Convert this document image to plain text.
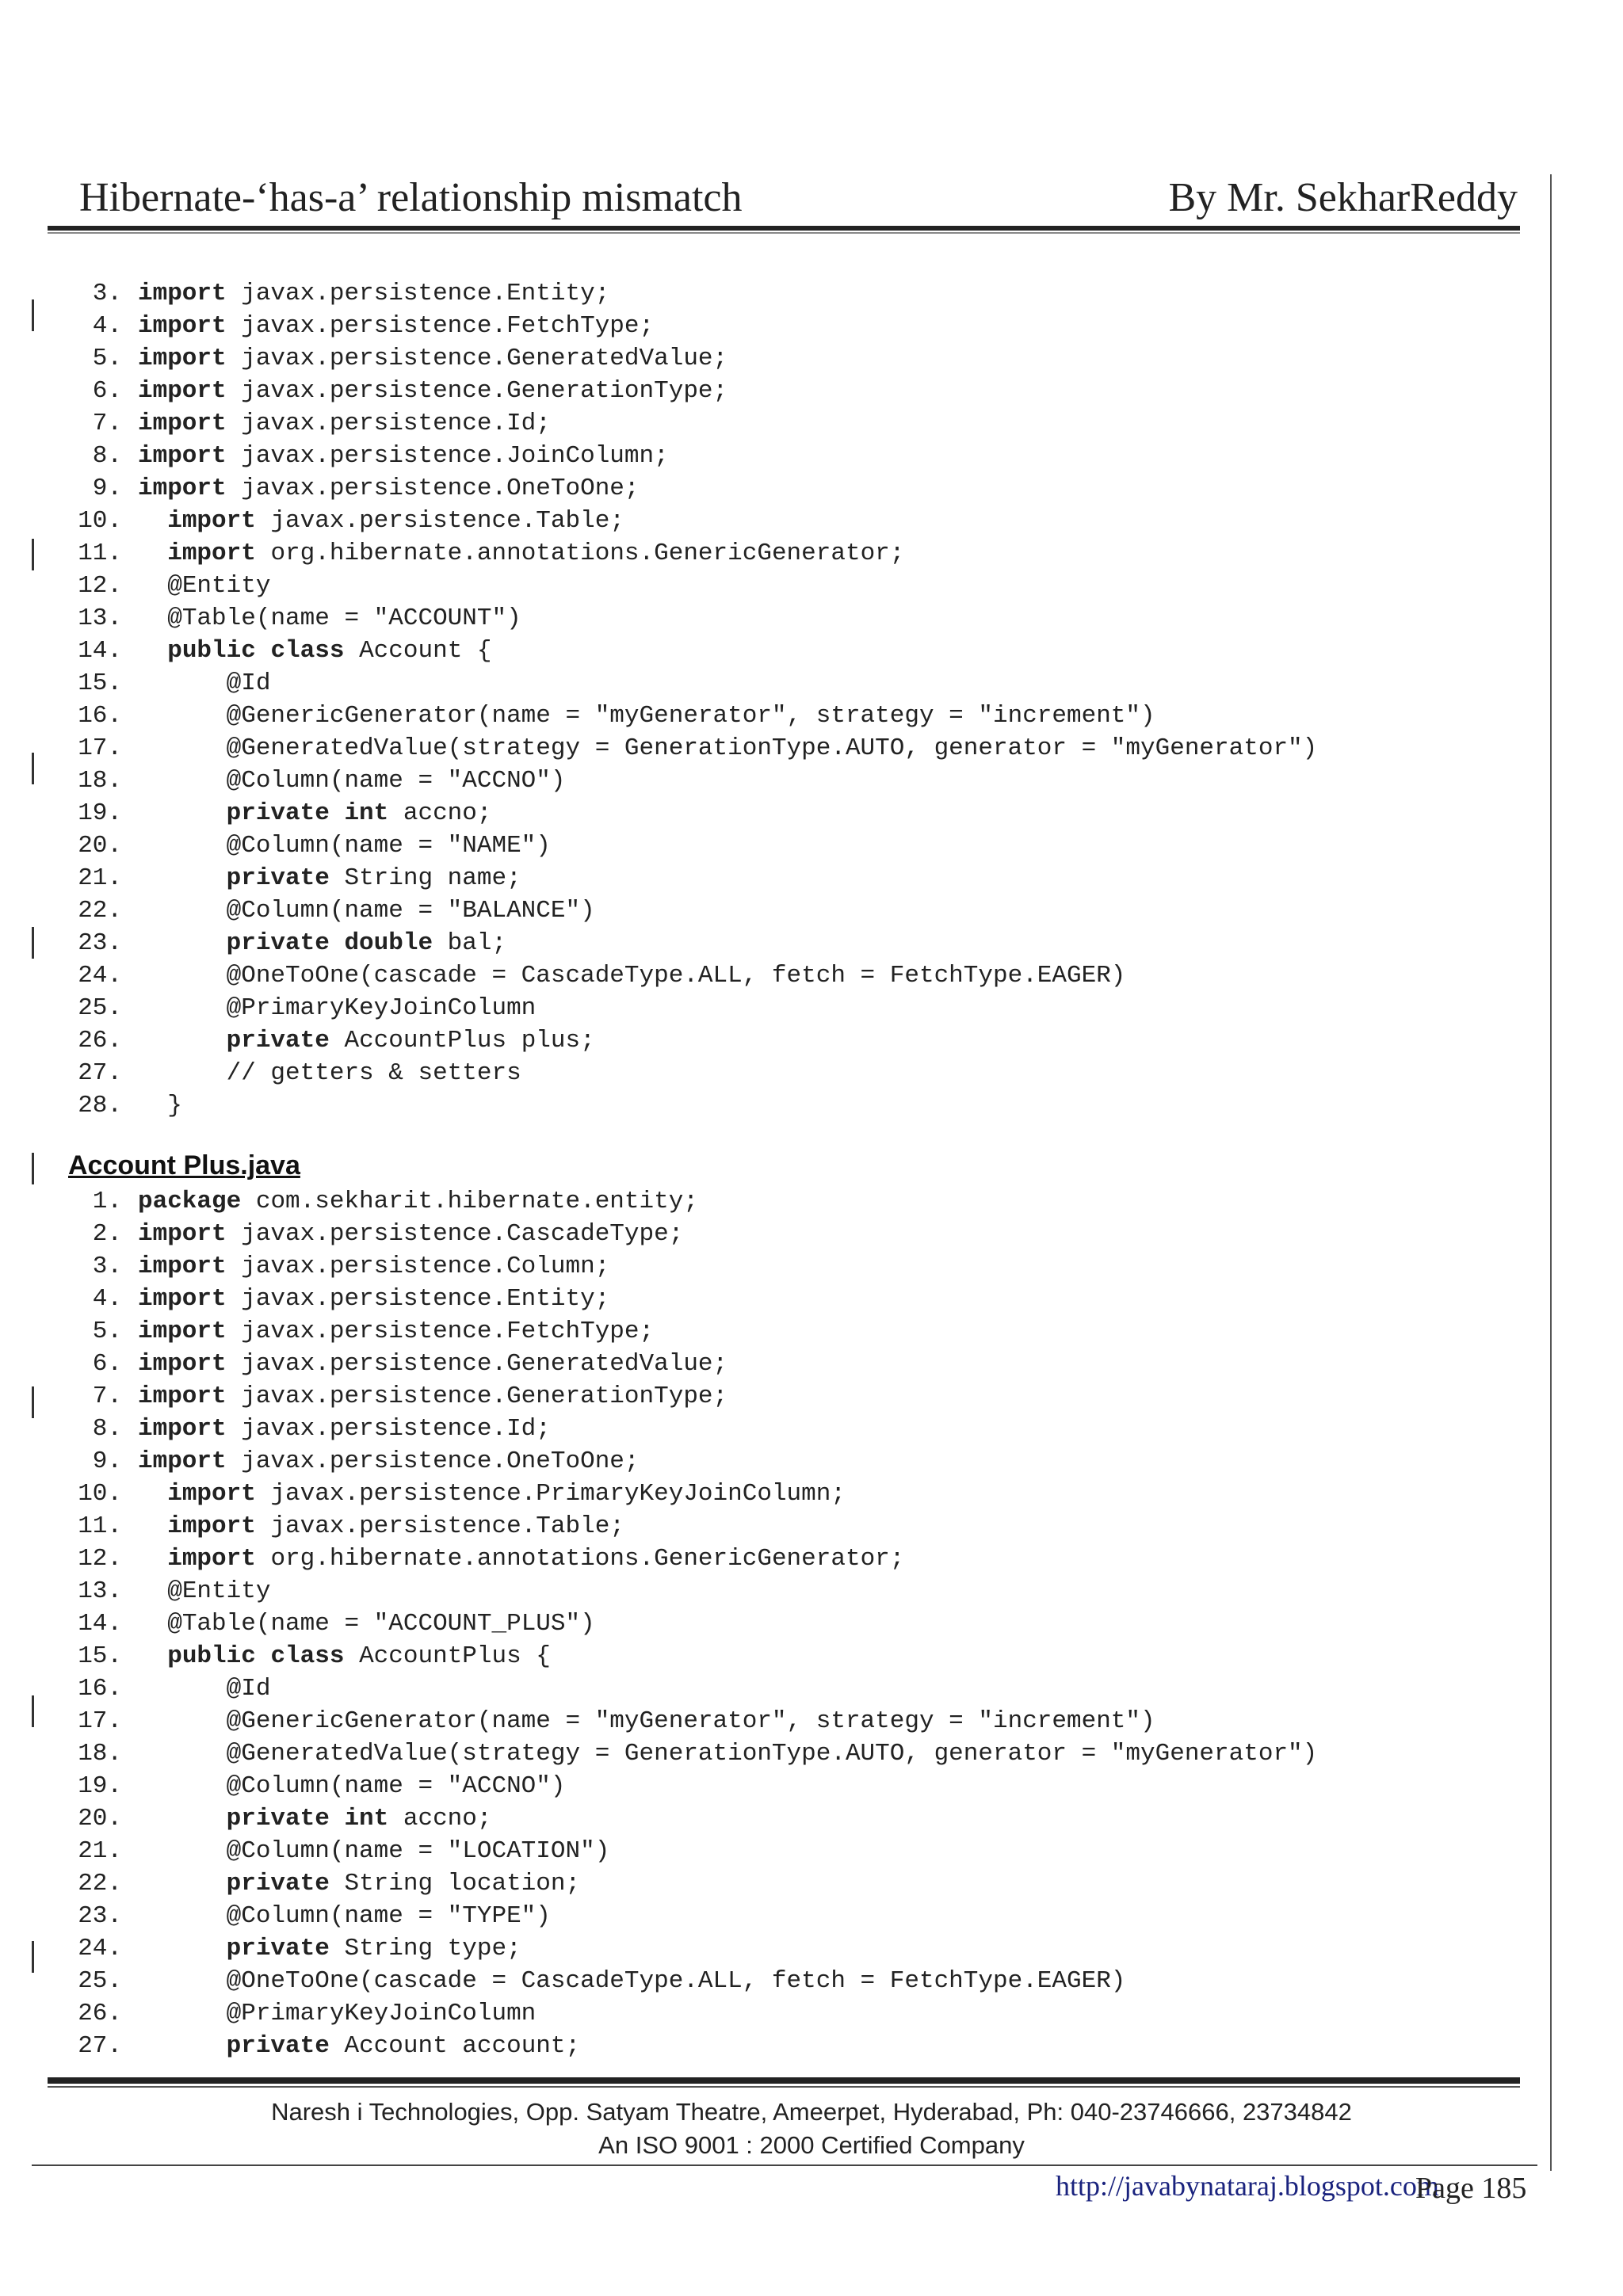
Hibernate-‘has-a’ relationship mismatch	By Mr. SekharReddy
3. import javax.persistence.Entity;
4. import javax.persistence.FetchType;
5. import javax.persistence.GeneratedValue;
6. import javax.persistence.GenerationType;
7. import javax.persistence.Id;
8. import javax.persistence.JoinColumn;
9. import javax.persistence.OneToOne;
10. import javax.persistence.Table;
11. import org.hibernate.annotations.GenericGenerator;
12. @Entity
13. @Table(name = "ACCOUNT")
14. public class Account {
15.	@Id
16.	@GenericGenerator(name = "myGenerator", strategy = "increment")
17.	@GeneratedValue(strategy = GenerationType.AUTO, generator = "myGenerator")
18.	@Column(name = "ACCNO")
19.	private int accno;
20.	@Column(name = "NAME")
21.	private String name;
22.	@Column(name = "BALANCE")
23.	private double bal;
24.	@OneToOne(cascade = CascadeType.ALL, fetch = FetchType.EAGER)
25.	@PrimaryKeyJoinColumn
26.	private AccountPlus plus;
27.	// getters & setters
28. }
Account Plus.java
1. package com.sekharit.hibernate.entity;
2. import javax.persistence.CascadeType;
3. import javax.persistence.Column;
4. import javax.persistence.Entity;
5. import javax.persistence.FetchType;
6. import javax.persistence.GeneratedValue;
7. import javax.persistence.GenerationType;
8. import javax.persistence.Id;
9. import javax.persistence.OneToOne;
10. import javax.persistence.PrimaryKeyJoinColumn;
11. import javax.persistence.Table;
12. import org.hibernate.annotations.GenericGenerator;
13. @Entity
14. @Table(name = "ACCOUNT_PLUS")
15. public class AccountPlus {
16.	@Id
17.	@GenericGenerator(name = "myGenerator", strategy = "increment")
18.	@GeneratedValue(strategy = GenerationType.AUTO, generator = "myGenerator")
19.	@Column(name = "ACCNO")
20.	private int accno;
21.	@Column(name = "LOCATION")
22.	private String location;
23.	@Column(name = "TYPE")
24.	private String type;
25.	@OneToOne(cascade = CascadeType.ALL, fetch = FetchType.EAGER)
26.	@PrimaryKeyJoinColumn
27.	private Account account;
Naresh i Technologies, Opp. Satyam Theatre, Ameerpet, Hyderabad, Ph: 040-23746666, 23734842
An ISO 9001 : 2000 Certified Company
http://javabynataraj.blogspot.com
Page 185
